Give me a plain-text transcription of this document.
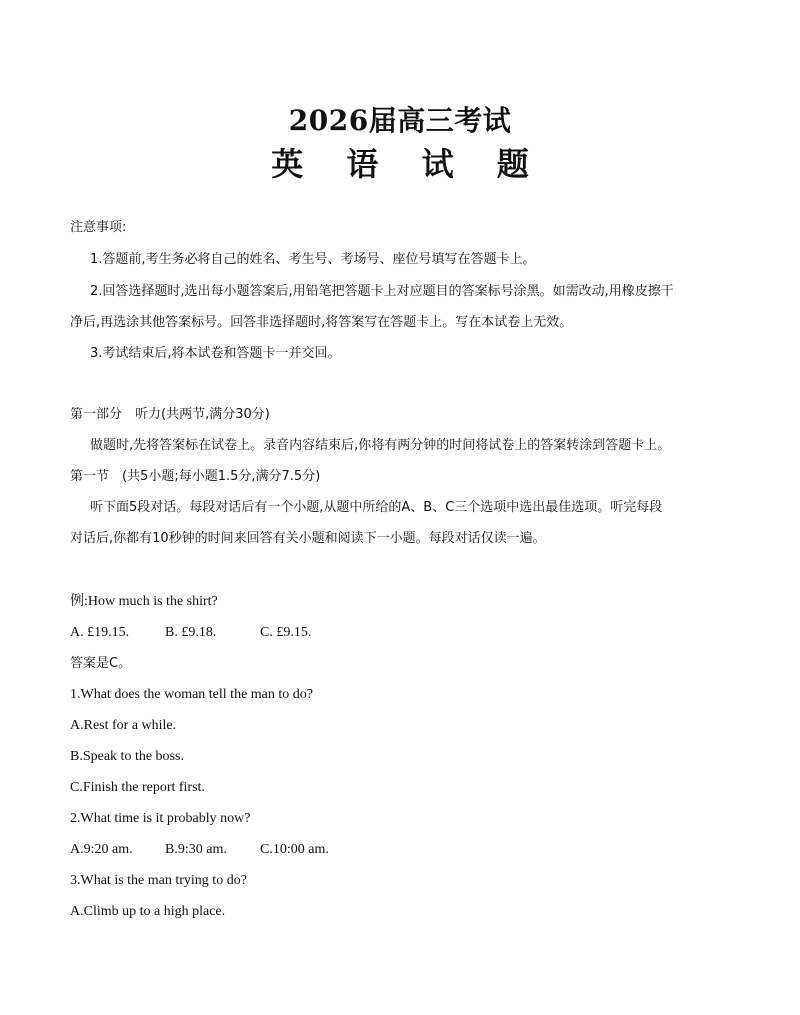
2026届高三考试
英 语 试 题

注意事项:

1.答题前,考生务必将自己的姓名、考生号、考场号、座位号填写在答题卡上。

2.回答选择题时,选出每小题答案后,用铅笔把答题卡上对应题目的答案标号涂黑。如需改动,用橡皮擦干

净后,再选涂其他答案标号。回答非选择题时,将答案写在答题卡上。写在本试卷上无效。

3.考试结束后,将本试卷和答题卡一并交回。

第一部分　听力(共两节,满分30分)

做题时,先将答案标在试卷上。录音内容结束后,你将有两分钟的时间将试卷上的答案转涂到答题卡上。

第一节　(共5小题;每小题1.5分,满分7.5分)

听下面5段对话。每段对话后有一个小题,从题中所给的A、B、C三个选项中选出最佳选项。听完每段

对话后,你都有10秒钟的时间来回答有关小题和阅读下一小题。每段对话仅读一遍。

例:How much is the shirt?

A. £19.15.	B. £9.18.	C. £9.15.

答案是C。

1.What does the woman tell the man to do?

A.Rest for a while.

B.Speak to the boss.

C.Finish the report first.

2.What time is it probably now?

A.9:20 am. B.9:30 am. C.10:00 am.

3.What is the man trying to do?

A.Climb up to a high place.
